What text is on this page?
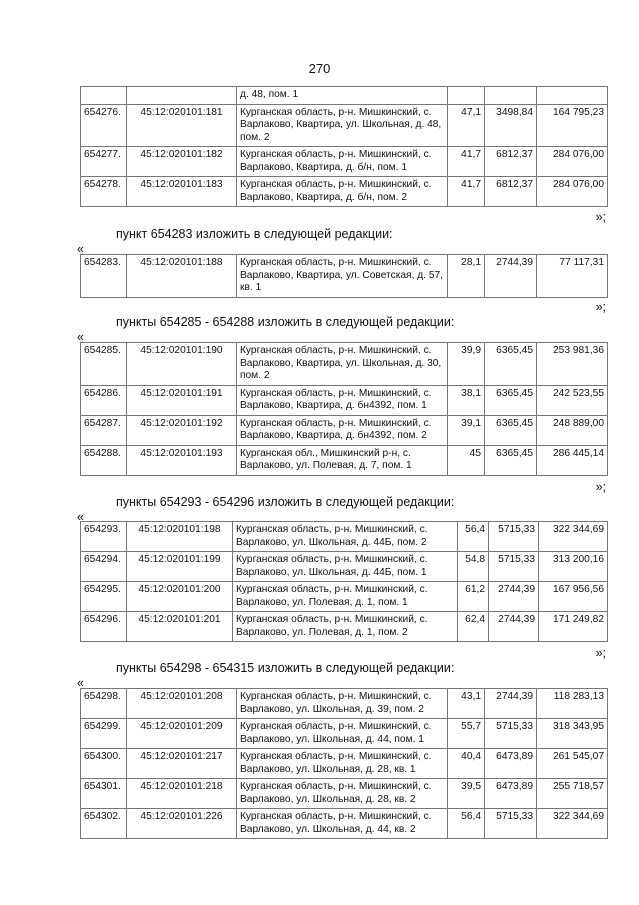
270
		д. 48, пом. 1			
654276.	45:12:020101:181	Курганская область, р-н. Мишкинский, с. Варлаково, Квартира, ул. Школьная, д. 48, пом. 2	47,1	3498,84	164 795,23
654277.	45:12:020101:182	Курганская область, р-н. Мишкинский, с. Варлаково, Квартира, д. б/н, пом. 1	41,7	6812,37	284 076,00
654278.	45:12:020101:183	Курганская область, р-н. Мишкинский, с. Варлаково, Квартира, д. б/н, пом. 2	41,7	6812,37	284 076,00
»;
пункт 654283 изложить в следующей редакции:
«
654283.	45:12:020101:188	Курганская область, р-н. Мишкинский, с. Варлаково, Квартира, ул. Советская, д. 57, кв. 1	28,1	2744,39	77 117,31
»;
пункты 654285 - 654288 изложить в следующей редакции:
«
654285.	45:12:020101:190	Курганская область, р-н. Мишкинский, с. Варлаково, Квартира, ул. Школьная, д. 30, пом. 2	39,9	6365,45	253 981,36
654286.	45:12:020101:191	Курганская область, р-н. Мишкинский, с. Варлаково, Квартира, д. бн4392, пом. 1	38,1	6365,45	242 523,55
654287.	45:12:020101:192	Курганская область, р-н. Мишкинский, с. Варлаково, Квартира, д. бн4392, пом. 2	39,1	6365,45	248 889,00
654288.	45:12:020101:193	Курганская обл., Мишкинский р-н, с. Варлаково, ул. Полевая, д. 7, пом. 1	45	6365,45	286 445,14
»;
пункты 654293 - 654296 изложить в следующей редакции:
«
654293.	45:12:020101:198	Курганская область, р-н. Мишкинский, с. Варлаково, ул. Школьная, д. 44Б, пом. 2	56,4	5715,33	322 344,69
654294.	45:12:020101:199	Курганская область, р-н. Мишкинский, с. Варлаково, ул. Школьная, д. 44Б, пом. 1	54,8	5715,33	313 200,16
654295.	45:12:020101:200	Курганская область, р-н. Мишкинский, с. Варлаково, ул. Полевая, д. 1, пом. 1	61,2	2744,39	167 956,56
654296.	45:12:020101:201	Курганская область, р-н. Мишкинский, с. Варлаково, ул. Полевая, д. 1, пом. 2	62,4	2744,39	171 249,82
»;
пункты 654298 - 654315 изложить в следующей редакции:
«
654298.	45:12:020101:208	Курганская область, р-н. Мишкинский, с. Варлаково, ул. Школьная, д. 39, пом. 2	43,1	2744,39	118 283,13
654299.	45:12:020101:209	Курганская область, р-н. Мишкинский, с. Варлаково, ул. Школьная, д. 44, пом. 1	55,7	5715,33	318 343,95
654300.	45:12:020101:217	Курганская область, р-н. Мишкинский, с. Варлаково, ул. Школьная, д. 28, кв. 1	40,4	6473,89	261 545,07
654301.	45:12:020101:218	Курганская область, р-н. Мишкинский, с. Варлаково, ул. Школьная, д. 28, кв. 2	39,5	6473,89	255 718,57
654302.	45:12:020101:226	Курганская область, р-н. Мишкинский, с. Варлаково, ул. Школьная, д. 44, кв. 2	56,4	5715,33	322 344,69
